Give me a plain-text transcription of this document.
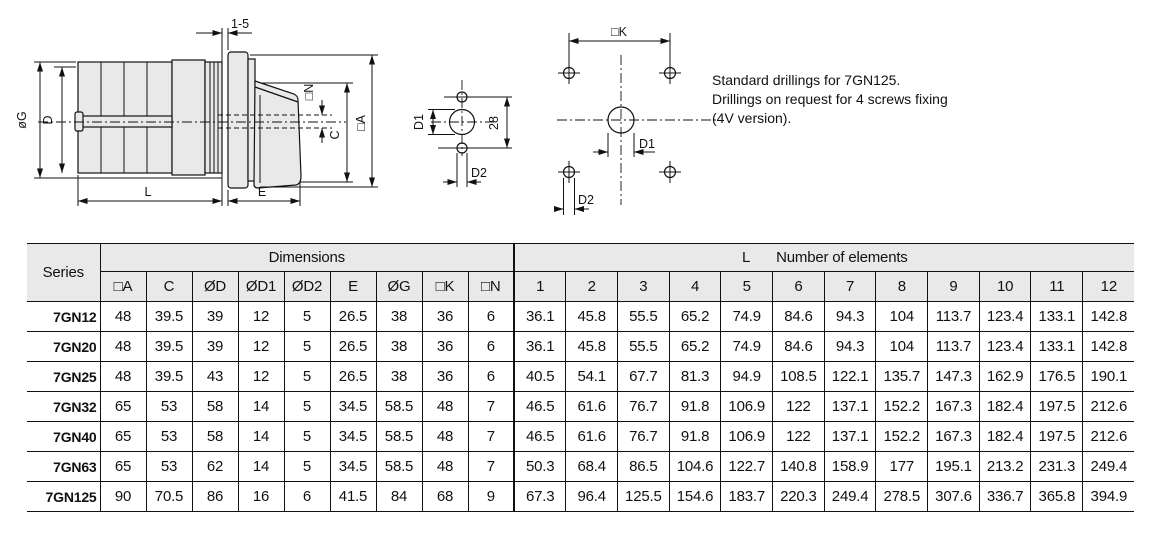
øG D
1-5
□N
C
□A
L	E
D1	28
D2
□K
D1
D2
Standard drillings for 7GN125.
Drillings on request for 4 screws fixing
(4V version).
Series	Dimensions									L Number of elements											
	□A	C	ØD	ØD1	ØD2	E	ØG	□K	□N	1	2	3	4	5	6	7	8	9	10	11	12
7GN12	48	39.5	39	12	5	26.5	38	36	6	36.1	45.8	55.5	65.2	74.9	84.6	94.3	104	113.7	123.4	133.1	142.8
7GN20	48	39.5	39	12	5	26.5	38	36	6	36.1	45.8	55.5	65.2	74.9	84.6	94.3	104	113.7	123.4	133.1	142.8
7GN25	48	39.5	43	12	5	26.5	38	36	6	40.5	54.1	67.7	81.3	94.9	108.5	122.1	135.7	147.3	162.9	176.5	190.1
7GN32	65	53	58	14	5	34.5	58.5	48	7	46.5	61.6	76.7	91.8	106.9	122	137.1	152.2	167.3	182.4	197.5	212.6
7GN40	65	53	58	14	5	34.5	58.5	48	7	46.5	61.6	76.7	91.8	106.9	122	137.1	152.2	167.3	182.4	197.5	212.6
7GN63	65	53	62	14	5	34.5	58.5	48	7	50.3	68.4	86.5	104.6	122.7	140.8	158.9	177	195.1	213.2	231.3	249.4
7GN125	90	70.5	86	16	6	41.5	84	68	9	67.3	96.4	125.5	154.6	183.7	220.3	249.4	278.5	307.6	336.7	365.8	394.9
